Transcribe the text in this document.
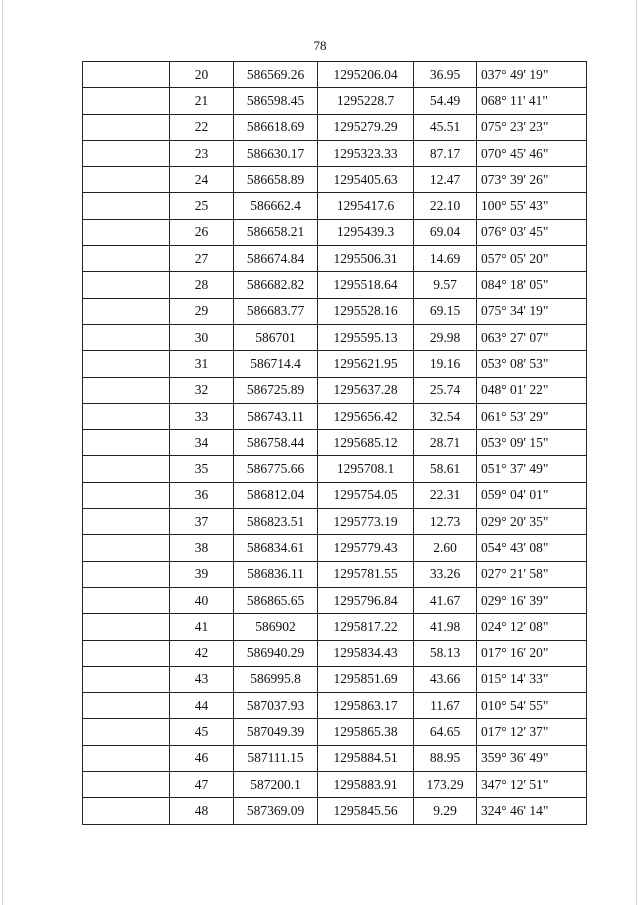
78
	20	586569.26	1295206.04	36.95	037° 49' 19"
	21	586598.45	1295228.7	54.49	068° 11' 41"
	22	586618.69	1295279.29	45.51	075° 23' 23"
	23	586630.17	1295323.33	87.17	070° 45' 46"
	24	586658.89	1295405.63	12.47	073° 39' 26"
	25	586662.4	1295417.6	22.10	100° 55' 43"
	26	586658.21	1295439.3	69.04	076° 03' 45"
	27	586674.84	1295506.31	14.69	057° 05' 20"
	28	586682.82	1295518.64	9.57	084° 18' 05"
	29	586683.77	1295528.16	69.15	075° 34' 19"
	30	586701	1295595.13	29.98	063° 27' 07"
	31	586714.4	1295621.95	19.16	053° 08' 53"
	32	586725.89	1295637.28	25.74	048° 01' 22"
	33	586743.11	1295656.42	32.54	061° 53' 29"
	34	586758.44	1295685.12	28.71	053° 09' 15"
	35	586775.66	1295708.1	58.61	051° 37' 49"
	36	586812.04	1295754.05	22.31	059° 04' 01"
	37	586823.51	1295773.19	12.73	029° 20' 35"
	38	586834.61	1295779.43	2.60	054° 43' 08"
	39	586836.11	1295781.55	33.26	027° 21' 58"
	40	586865.65	1295796.84	41.67	029° 16' 39"
	41	586902	1295817.22	41.98	024° 12' 08"
	42	586940.29	1295834.43	58.13	017° 16' 20"
	43	586995.8	1295851.69	43.66	015° 14' 33"
	44	587037.93	1295863.17	11.67	010° 54' 55"
	45	587049.39	1295865.38	64.65	017° 12' 37"
	46	587111.15	1295884.51	88.95	359° 36' 49"
	47	587200.1	1295883.91	173.29	347° 12' 51"
	48	587369.09	1295845.56	9.29	324° 46' 14"
